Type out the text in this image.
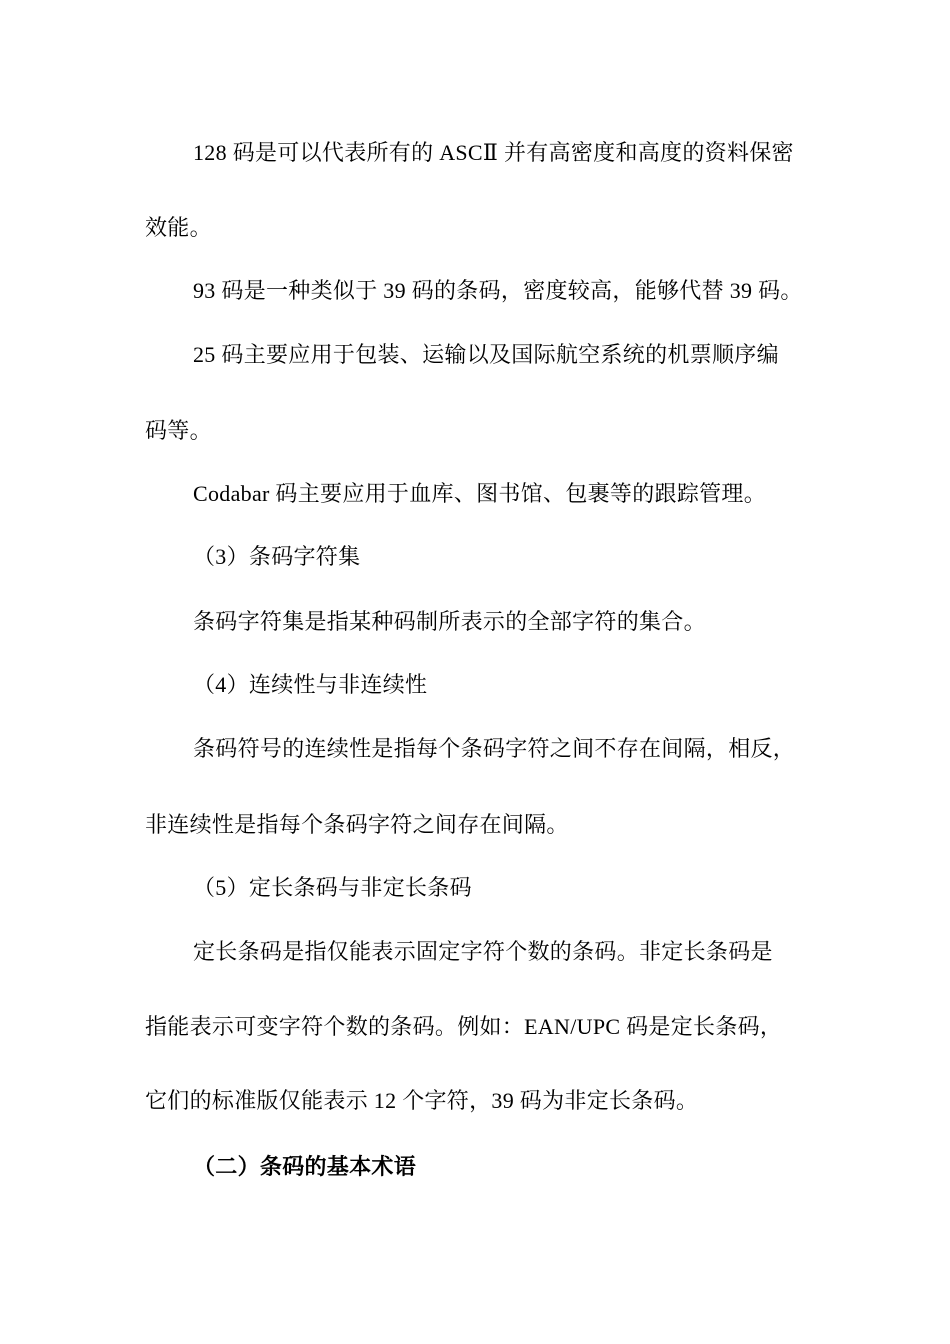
128 码是可以代表所有的 ASCⅡ 并有高密度和高度的资料保密
效能。
93 码是一种类似于 39 码的条码，密度较高，能够代替 39 码。
25 码主要应用于包装、运输以及国际航空系统的机票顺序编
码等。
Codabar 码主要应用于血库、图书馆、包裹等的跟踪管理。
（3）条码字符集
条码字符集是指某种码制所表示的全部字符的集合。
（4）连续性与非连续性
条码符号的连续性是指每个条码字符之间不存在间隔，相反，
非连续性是指每个条码字符之间存在间隔。
（5）定长条码与非定长条码
定长条码是指仅能表示固定字符个数的条码。非定长条码是
指能表示可变字符个数的条码。例如：EAN/UPC 码是定长条码，
它们的标准版仅能表示 12 个字符，39 码为非定长条码。
（二）条码的基本术语
